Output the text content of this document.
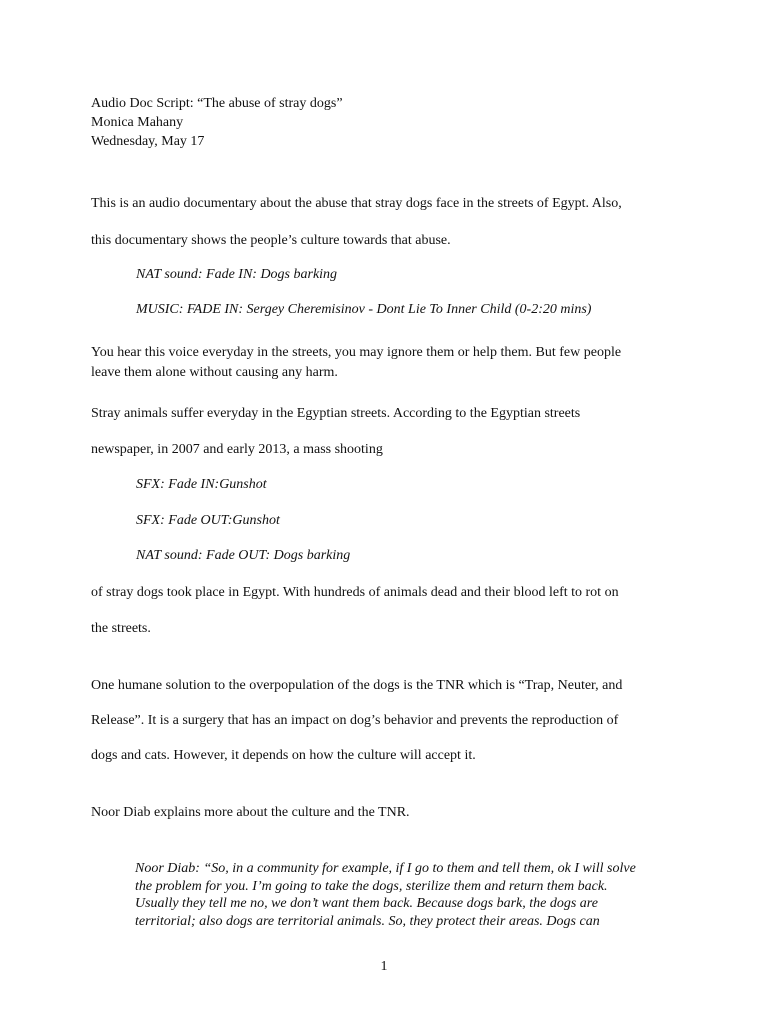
Audio Doc Script: “The abuse of stray dogs”
Monica Mahany
Wednesday, May 17
This is an audio documentary about the abuse that stray dogs face in the streets of Egypt. Also,
this documentary shows the people’s culture towards that abuse.
NAT sound: Fade IN: Dogs barking
MUSIC: FADE IN: Sergey Cheremisinov - Dont Lie To Inner Child (0-2:20 mins)
You hear this voice everyday in the streets, you may ignore them or help them. But few people
leave them alone without causing any harm.
Stray animals suffer everyday in the Egyptian streets. According to the Egyptian streets
newspaper, in 2007 and early 2013, a mass shooting
SFX: Fade IN:Gunshot
SFX: Fade OUT:Gunshot
NAT sound: Fade OUT: Dogs barking
of stray dogs took place in Egypt. With hundreds of animals dead and their blood left to rot on
the streets.
One humane solution to the overpopulation of the dogs is the TNR which is “Trap, Neuter, and
Release”. It is a surgery that has an impact on dog’s behavior and prevents the reproduction of
dogs and cats. However, it depends on how the culture will accept it.
Noor Diab explains more about the culture and the TNR.
Noor Diab: “So, in a community for example, if I go to them and tell them, ok I will solve
the problem for you. I’m going to take the dogs, sterilize them and return them back.
Usually they tell me no, we don’t want them back. Because dogs bark, the dogs are
territorial; also dogs are territorial animals. So, they protect their areas. Dogs can
1
